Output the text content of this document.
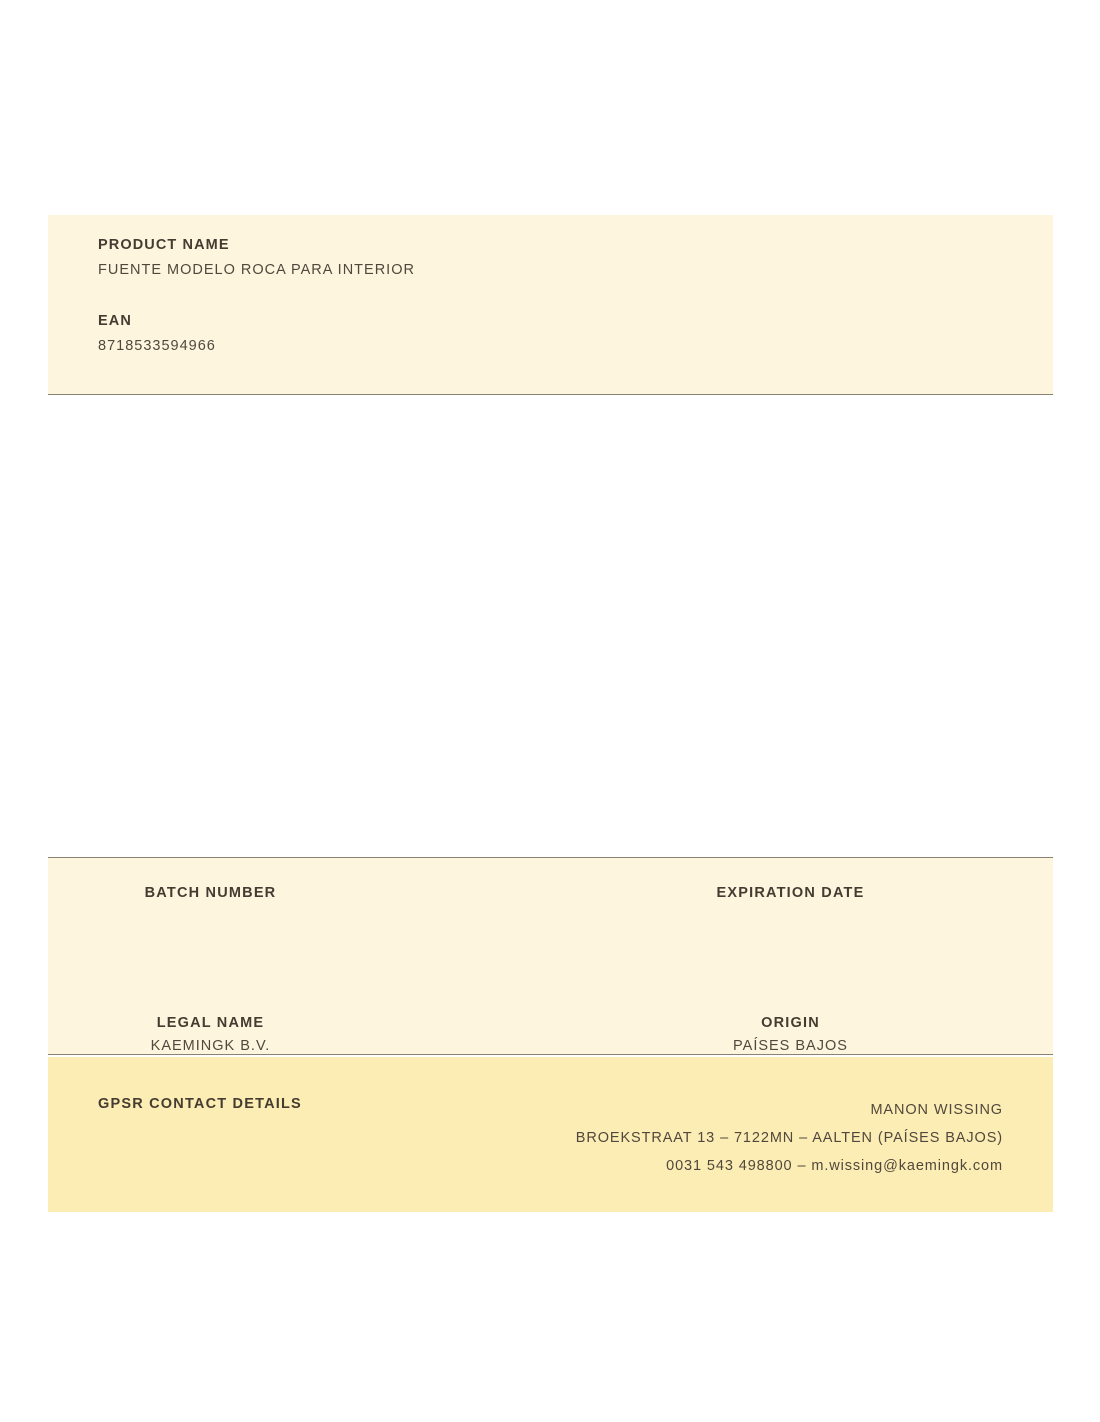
PRODUCT NAME

FUENTE MODELO ROCA PARA INTERIOR

EAN

8718533594966

BATCH NUMBER	EXPIRATION DATE

LEGAL NAME

KAEMINGK B.V.

ORIGIN

PAÍSES BAJOS

GPSR CONTACT DETAILS	MANON WISSING

BROEKSTRAAT 13 – 7122MN – AALTEN (PAÍSES BAJOS)

0031 543 498800 – m.wissing@kaemingk.com
